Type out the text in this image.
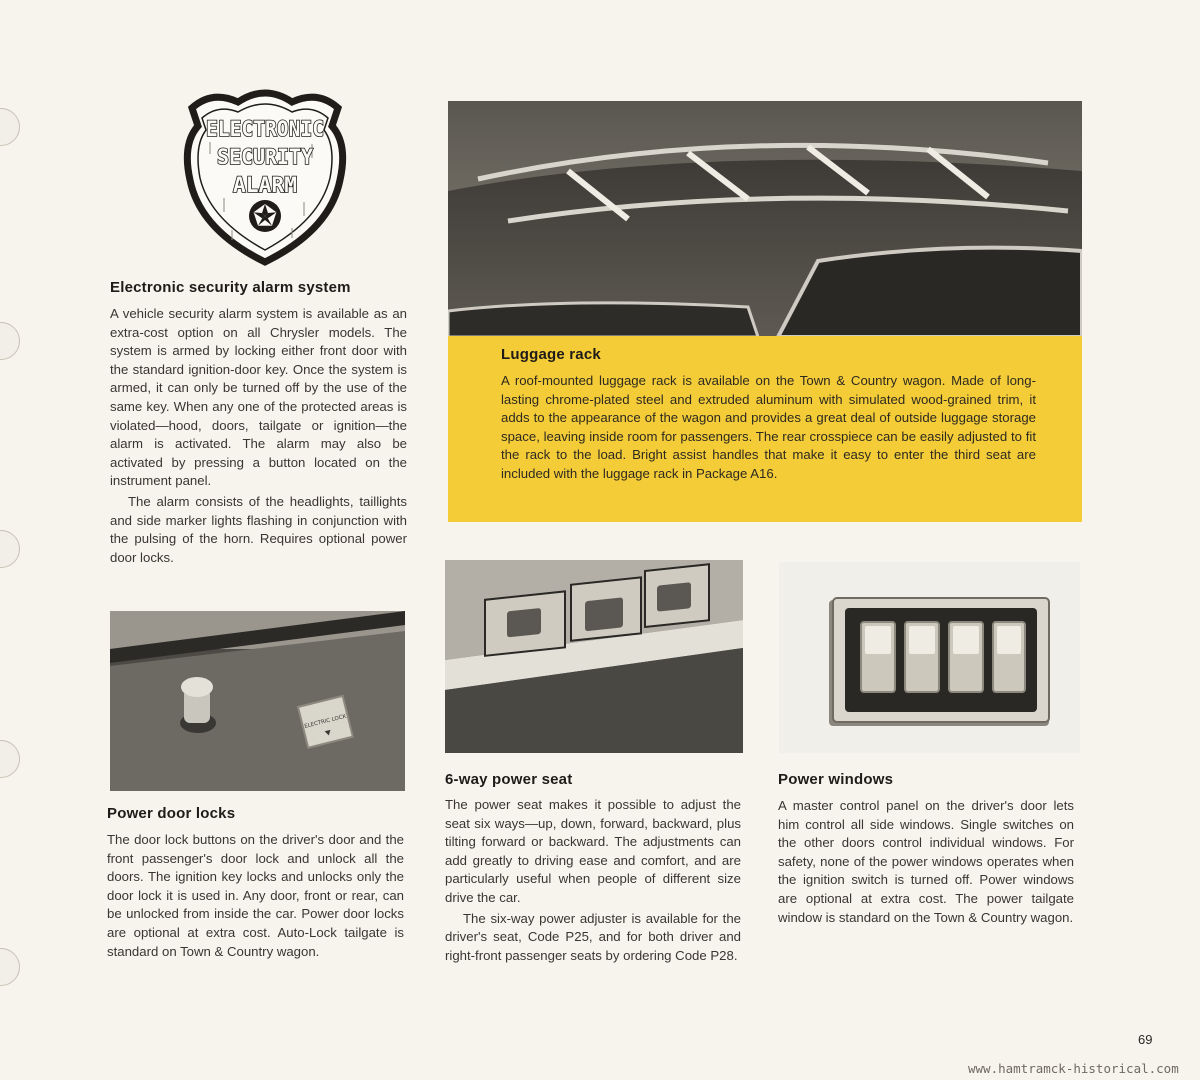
ELECTRONIC
SECURITY
ALARM
Electronic security alarm system

A vehicle security alarm system is available as an extra-cost option on all Chrysler models. The system is armed by locking either front door with the standard ignition-door key. Once the system is armed, it can only be turned off by the use of the same key. When any one of the protected areas is violated—hood, doors, tailgate or ignition—the alarm is activated. The alarm may also be activated by pressing a button located on the instrument panel.

The alarm consists of the headlights, taillights and side marker lights flashing in conjunction with the pulsing of the horn. Requires optional power door locks.

Luggage rack

A roof-mounted luggage rack is available on the Town & Country wagon. Made of long-lasting chrome-plated steel and extruded aluminum with simulated wood-grained trim, it adds to the appearance of the wagon and provides a great deal of outside luggage storage space, leaving inside room for passengers. The rear crosspiece can be easily adjusted to fit the rack to the load. Bright assist handles that make it easy to enter the third seat are included with the luggage rack in Package A16.

ELECTRIC LOCK
Power door locks

The door lock buttons on the driver's door and the front passenger's door lock and unlock all the doors. The ignition key locks and unlocks only the door lock it is used in. Any door, front or rear, can be unlocked from inside the car. Power door locks are optional at extra cost. Auto-Lock tailgate is standard on Town & Country wagon.

6-way power seat

The power seat makes it possible to adjust the seat six ways—up, down, forward, backward, plus tilting forward or backward. The adjustments can add greatly to driving ease and comfort, and are particularly useful when people of different size drive the car.

The six-way power adjuster is available for the driver's seat, Code P25, and for both driver and right-front passenger seats by ordering Code P28.

Power windows

A master control panel on the driver's door lets him control all side windows. Single switches on the other doors control individual windows. For safety, none of the power windows operates when the ignition switch is turned off. Power windows are optional at extra cost. The power tailgate window is standard on the Town & Country wagon.

69
www.hamtramck-historical.com
